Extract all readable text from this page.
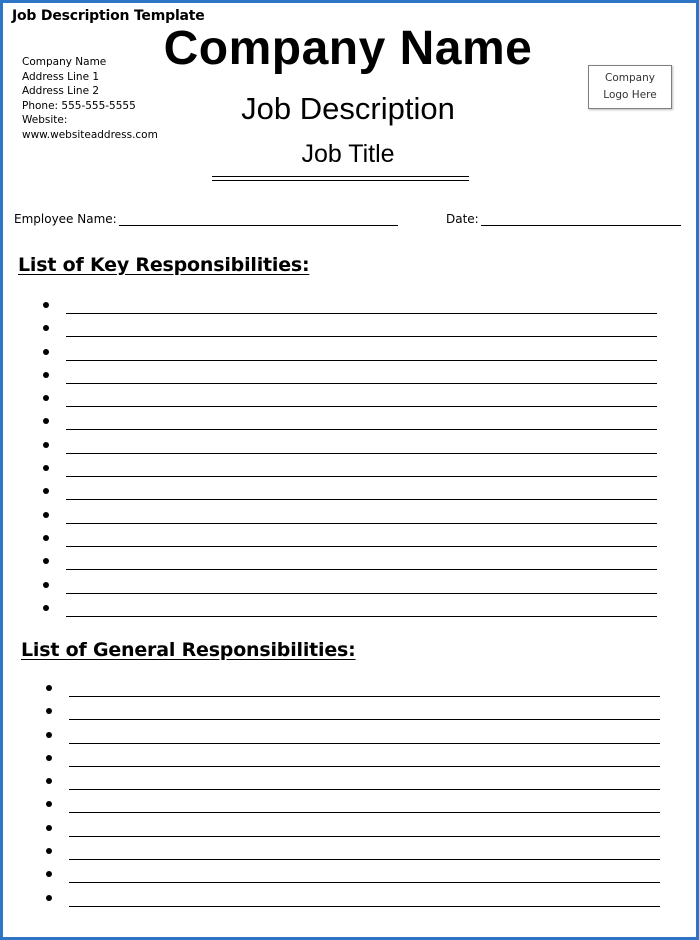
Job Description Template
Company Name
Address Line 1
Address Line 2
Phone: 555-555-5555
Website:
www.websiteaddress.com
Company Name
Job Description
Job Title
Company
Logo Here
Employee Name:	Date:
List of Key Responsibilities:
List of General Responsibilities:
